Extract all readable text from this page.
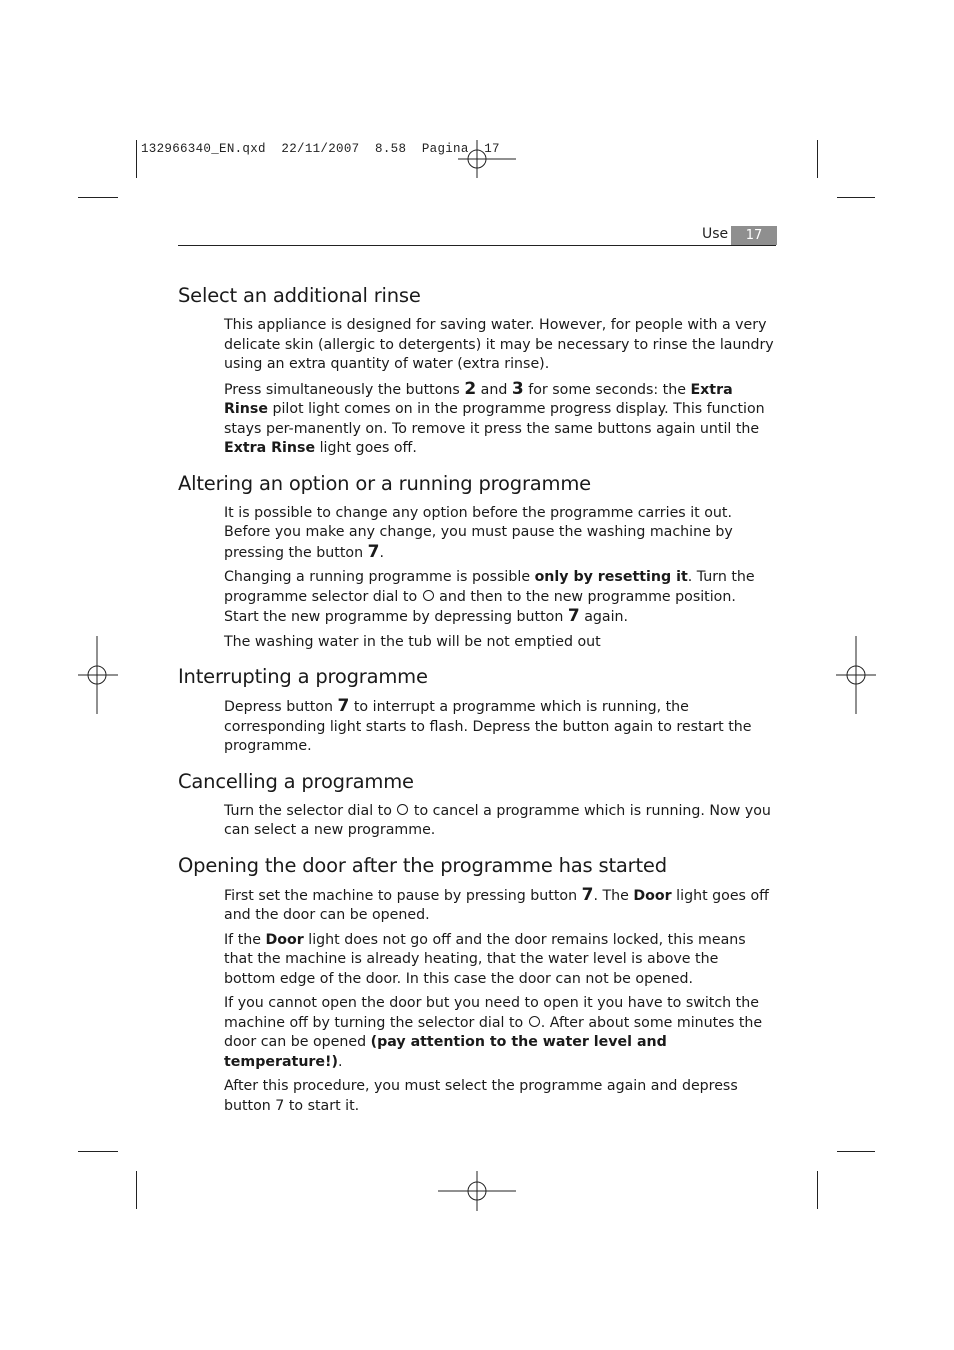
132966340_EN.qxd  22/11/2007  8.58  Pagina  17
Use	17
Select an additional rinse

This appliance is designed for saving water. However, for people with a very delicate skin (allergic to detergents) it may be necessary to rinse the laundry using an extra quantity of water (extra rinse).

Press simultaneously the buttons 2 and 3 for some seconds: the Extra Rinse pilot light comes on in the programme progress display. This function stays per-manently on. To remove it press the same buttons again until the Extra Rinse light goes off.

Altering an option or a running programme

It is possible to change any option before the programme carries it out. Before you make any change, you must pause the washing machine by pressing the button 7.

Changing a running programme is possible only by resetting it. Turn the programme selector dial to  and then to the new programme position.
Start the new programme by depressing button 7 again.

The washing water in the tub will be not emptied out

Interrupting a programme

Depress button 7 to interrupt a programme which is running, the corresponding light starts to flash. Depress the button again to restart the programme.

Cancelling a programme

Turn the selector dial to  to cancel a programme which is running. Now you can select a new programme.

Opening the door after the programme has started

First set the machine to pause by pressing button 7. The Door light goes off and the door can be opened.

If the Door light does not go off and the door remains locked, this means that the machine is already heating, that the water level is above the bottom edge of the door. In this case the door can not be opened.

If you cannot open the door but you need to open it you have to switch the machine off by turning the selector dial to . After about some minutes the door can be opened (pay attention to the water level and temperature!).

After this procedure, you must select the programme again and depress button 7 to start it.
